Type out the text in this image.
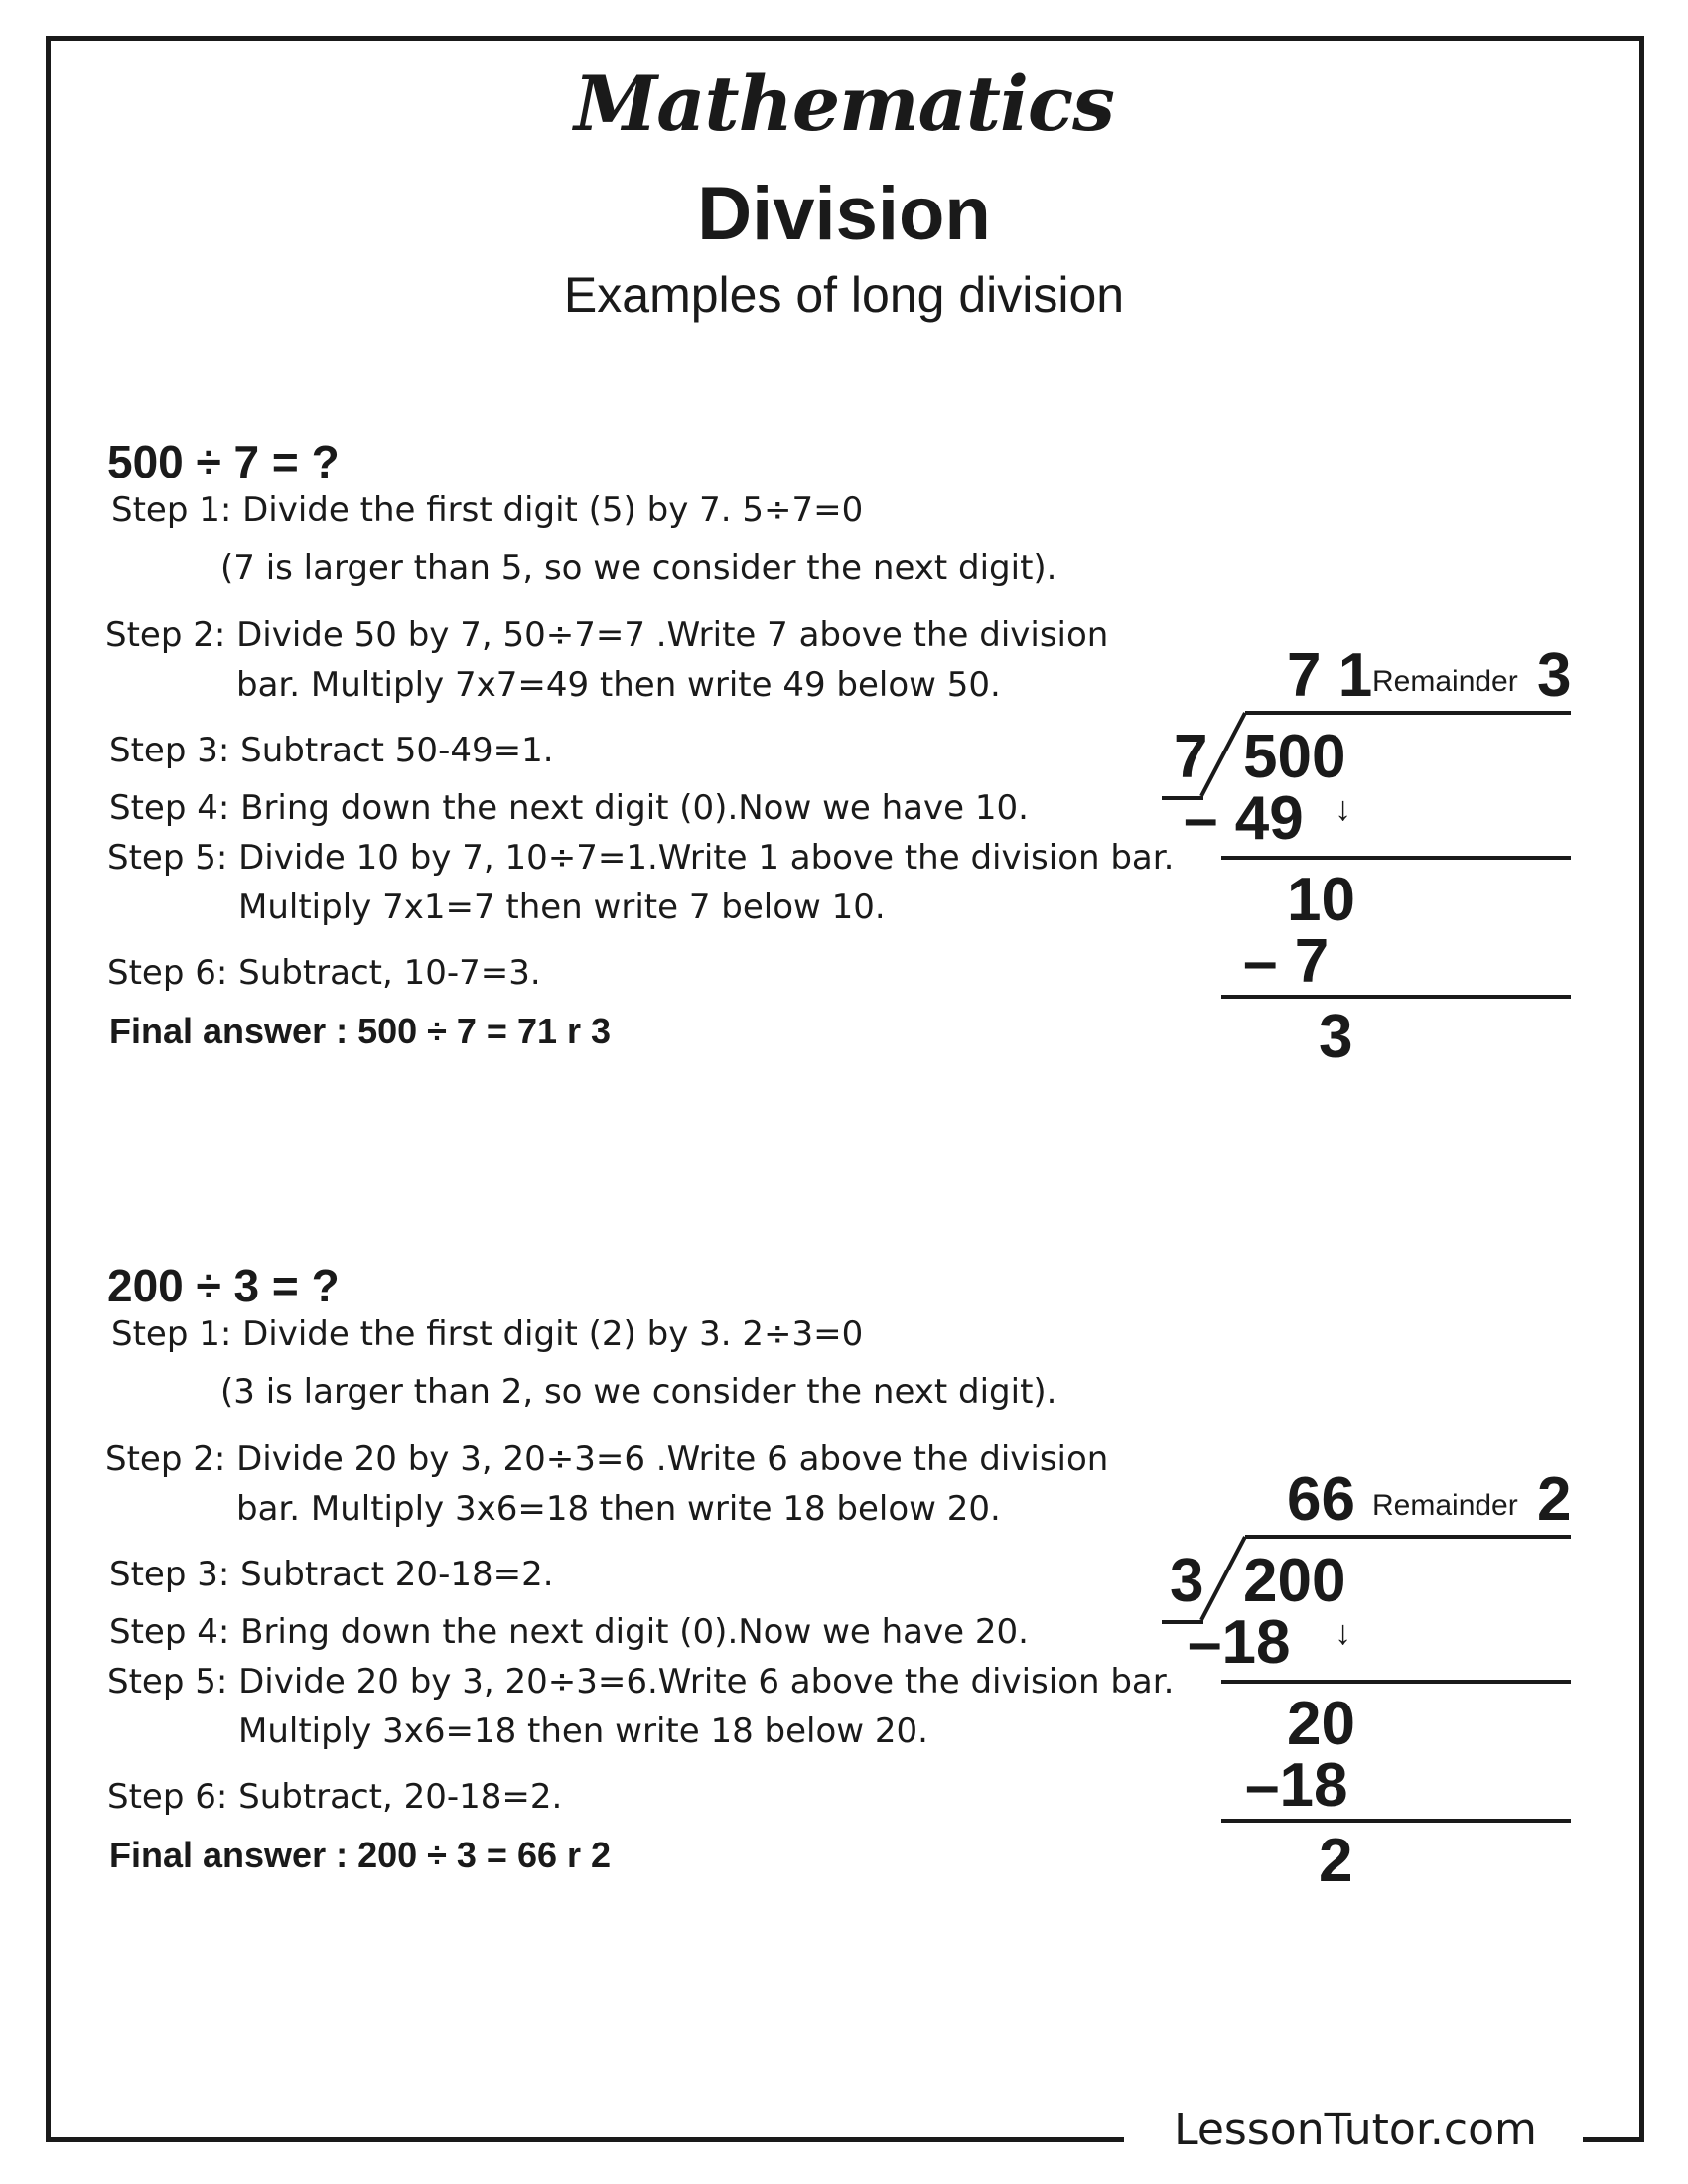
LessonTutor.com
Mathematics
Division
Examples of long division
500 ÷ 7 = ?
Step 1: Divide the first digit (5) by 7. 5÷7=0
(7 is larger than 5, so we consider the next digit).
Step 2: Divide 50 by 7, 50÷7=7 .Write 7 above the division
bar. Multiply 7x7=49 then write 49 below 50.
Step 3: Subtract 50-49=1.
Step 4: Bring down the next digit (0).Now we have 10.
Step 5: Divide 10 by 7, 10÷7=1.Write 1 above the division bar.
Multiply 7x1=7 then write 7 below 10.
Step 6: Subtract, 10-7=3.
Final answer : 500 ÷ 7 = 71 r 3
7 1 Remainder 3
7 500
– 49 ↓
10
– 7
3
200 ÷ 3 = ?
Step 1: Divide the first digit (2) by 3. 2÷3=0
(3 is larger than 2, so we consider the next digit).
Step 2: Divide 20 by 3, 20÷3=6 .Write 6 above the division
bar. Multiply 3x6=18 then write 18 below 20.
Step 3: Subtract 20-18=2.
Step 4: Bring down the next digit (0).Now we have 20.
Step 5: Divide 20 by 3, 20÷3=6.Write 6 above the division bar.
Multiply 3x6=18 then write 18 below 20.
Step 6: Subtract, 20-18=2.
Final answer : 200 ÷ 3 = 66 r 2
66 Remainder 2
3 200
–18 ↓
20
–18
2
